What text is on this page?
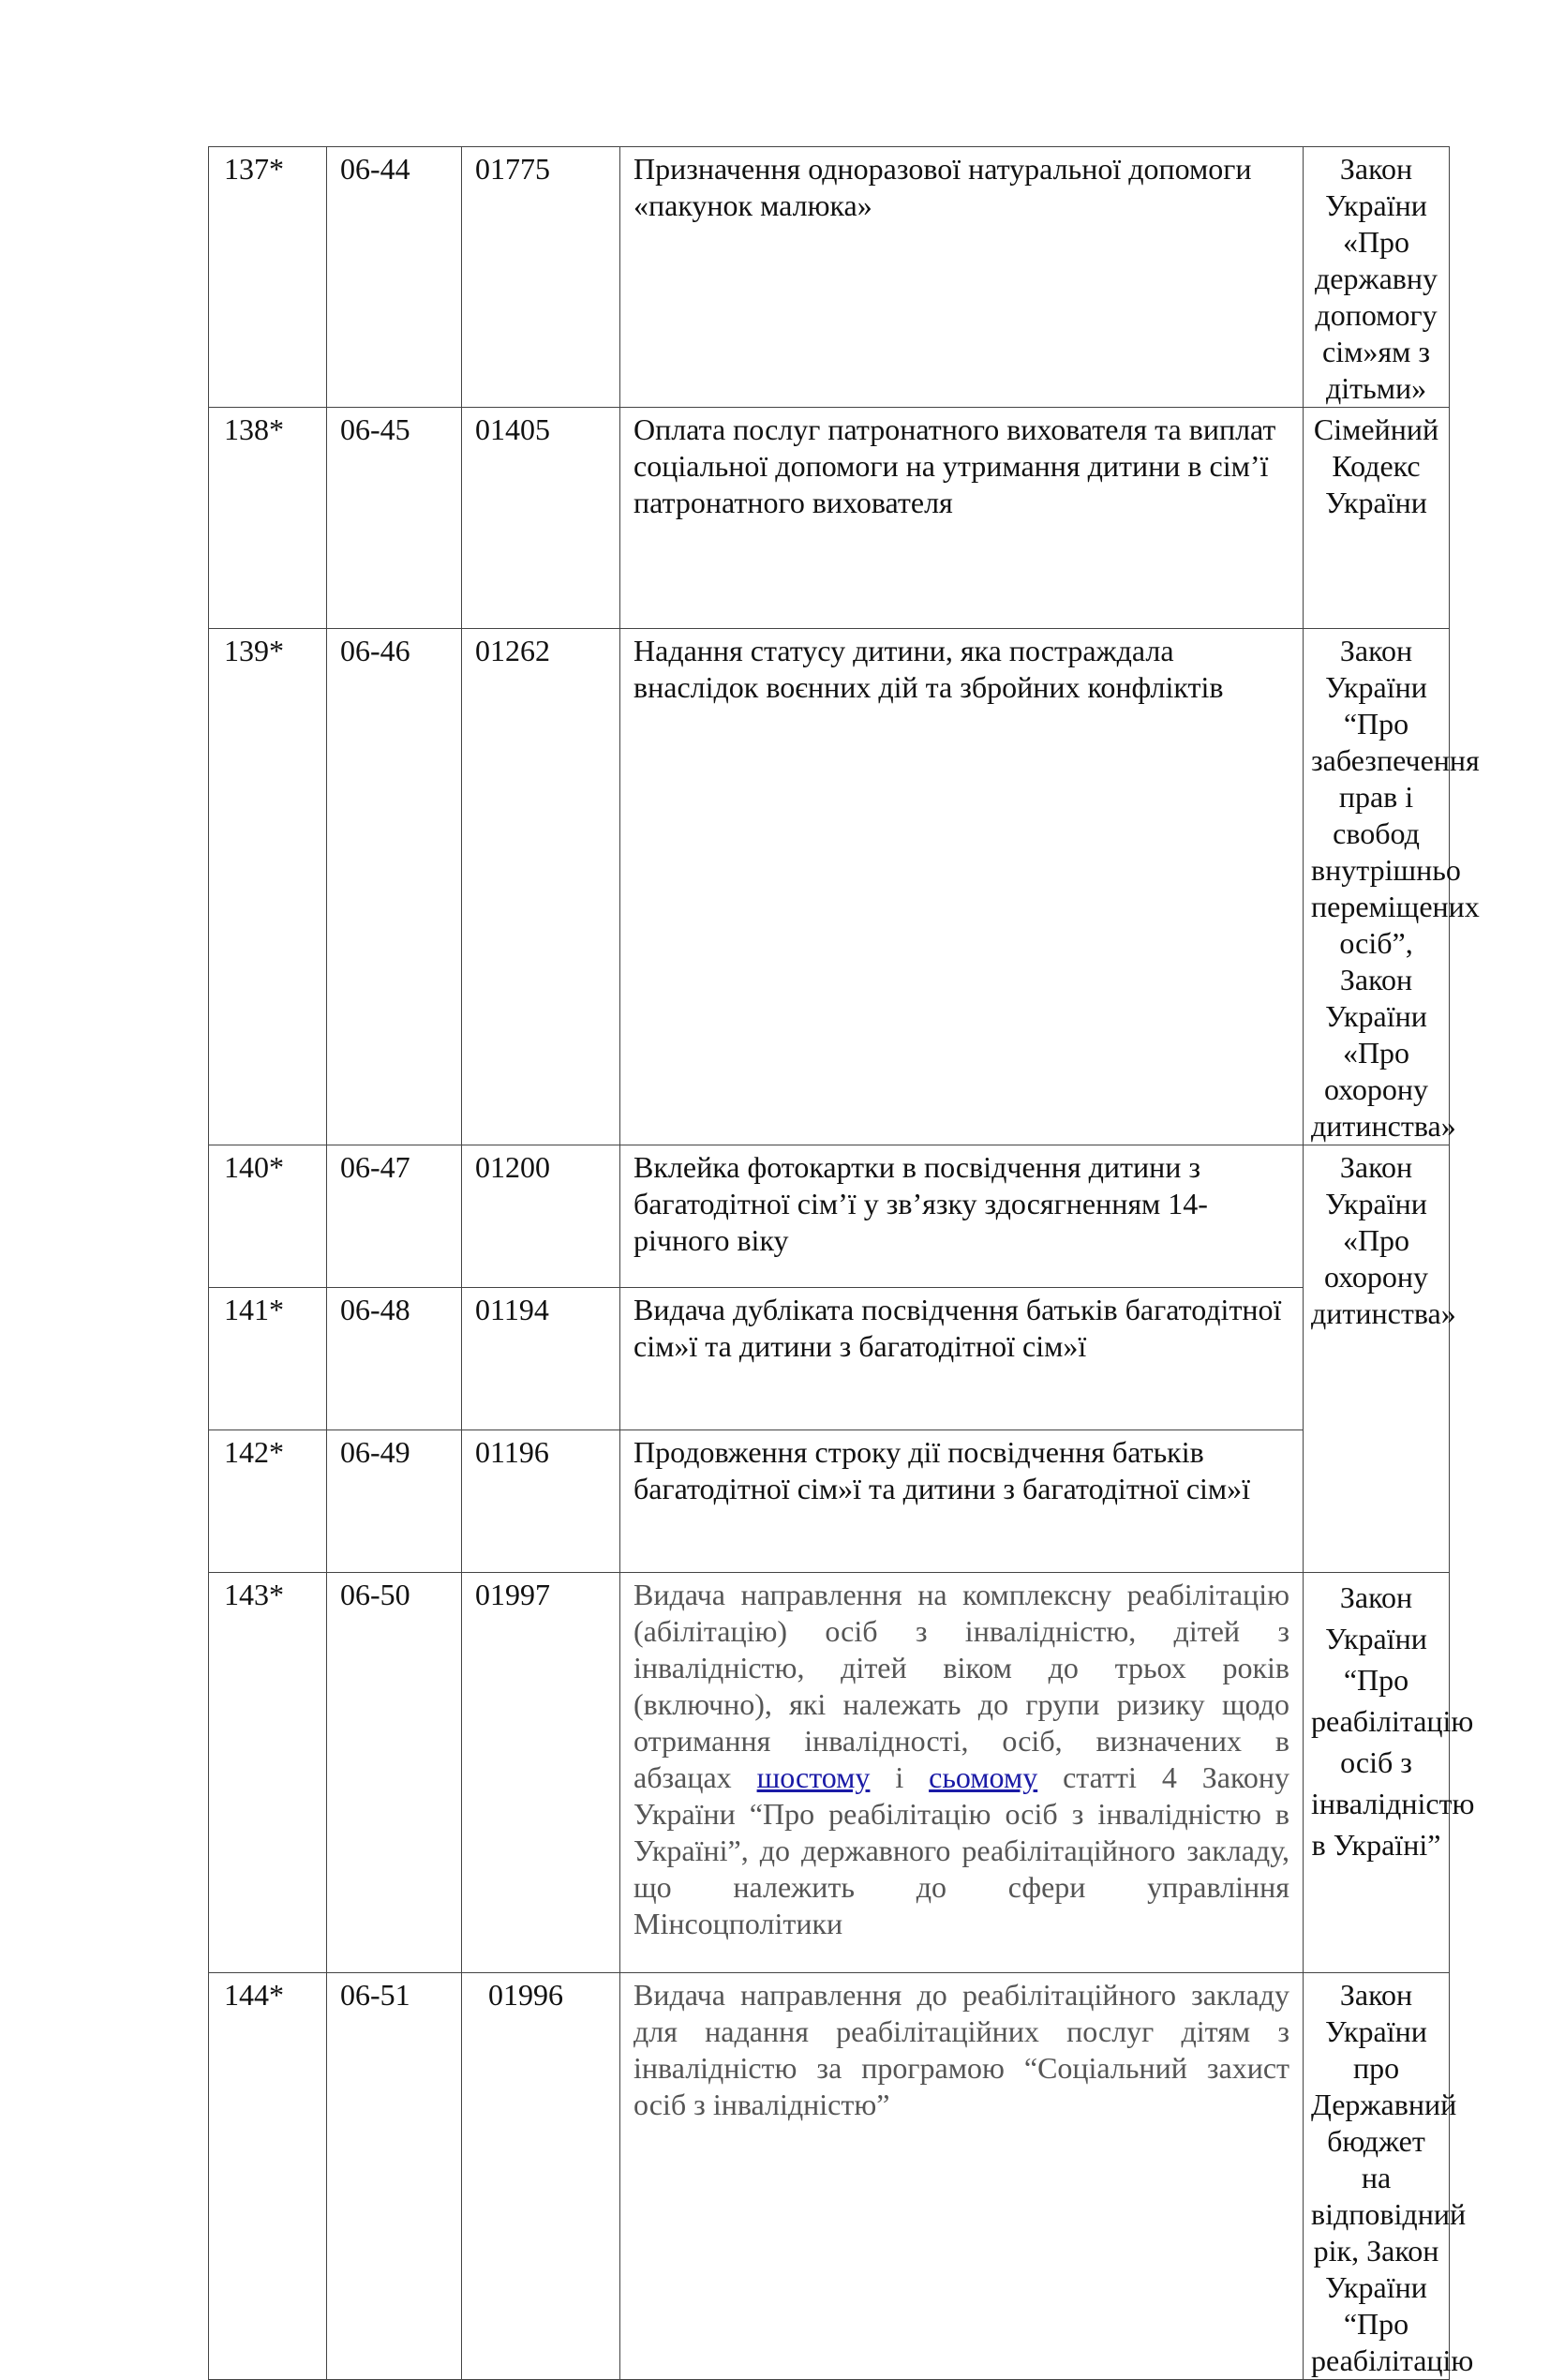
137*	06-44	01775	Призначення одноразової натуральної допомоги «пакунок малюка»	Закон України «Про державну допомогу сім»ям з дітьми»
138*	06-45	01405	Оплата послуг патронатного вихователя та виплат соціальної допомоги на утримання дитини в сім’ї патронатного вихователя	Сімейний Кодекс України
139*	06-46	01262	Надання статусу дитини, яка постраждала внаслідок воєнних дій та збройних конфліктів	Закон України “Про забезпечення прав і свобод внутрішньо переміщених осіб”, Закон України «Про охорону дитинства»
140*	06-47	01200	Вклейка фотокартки в посвідчення дитини з багатодітної сім’ї у зв’язку здосягненням 14-річного віку	Закон України «Про охорону дитинства»
141*	06-48	01194	Видача дубліката посвідчення батьків багатодітної сім»ї та дитини з багатодітної сім»ї	
142*	06-49	01196	Продовження строку дії посвідчення батьків багатодітної сім»ї та дитини з багатодітної сім»ї	
143*	06-50	01997	Видача направлення на комплексну реабілітацію (абілітацію) осіб з інвалідністю, дітей з інвалідністю, дітей віком до трьох років (включно), які належать до групи ризику щодо отримання інвалідності, осіб, визначених в абзацах шостому і сьомому статті 4 Закону України “Про реабілітацію осіб з інвалідністю в Україні”, до державного реабілітаційного закладу, що належить до сфери управління Мінсоцполітики	Закон України “Про реабілітацію осіб з інвалідністю в Україні”
144*	06-51	01996	Видача направлення до реабілітаційного закладу для надання реабілітаційних послуг дітям з інвалідністю за програмою “Соціальний захист осіб з інвалідністю”	Закон України про Державний бюджет на відповідний рік, Закон України “Про реабілітацію
